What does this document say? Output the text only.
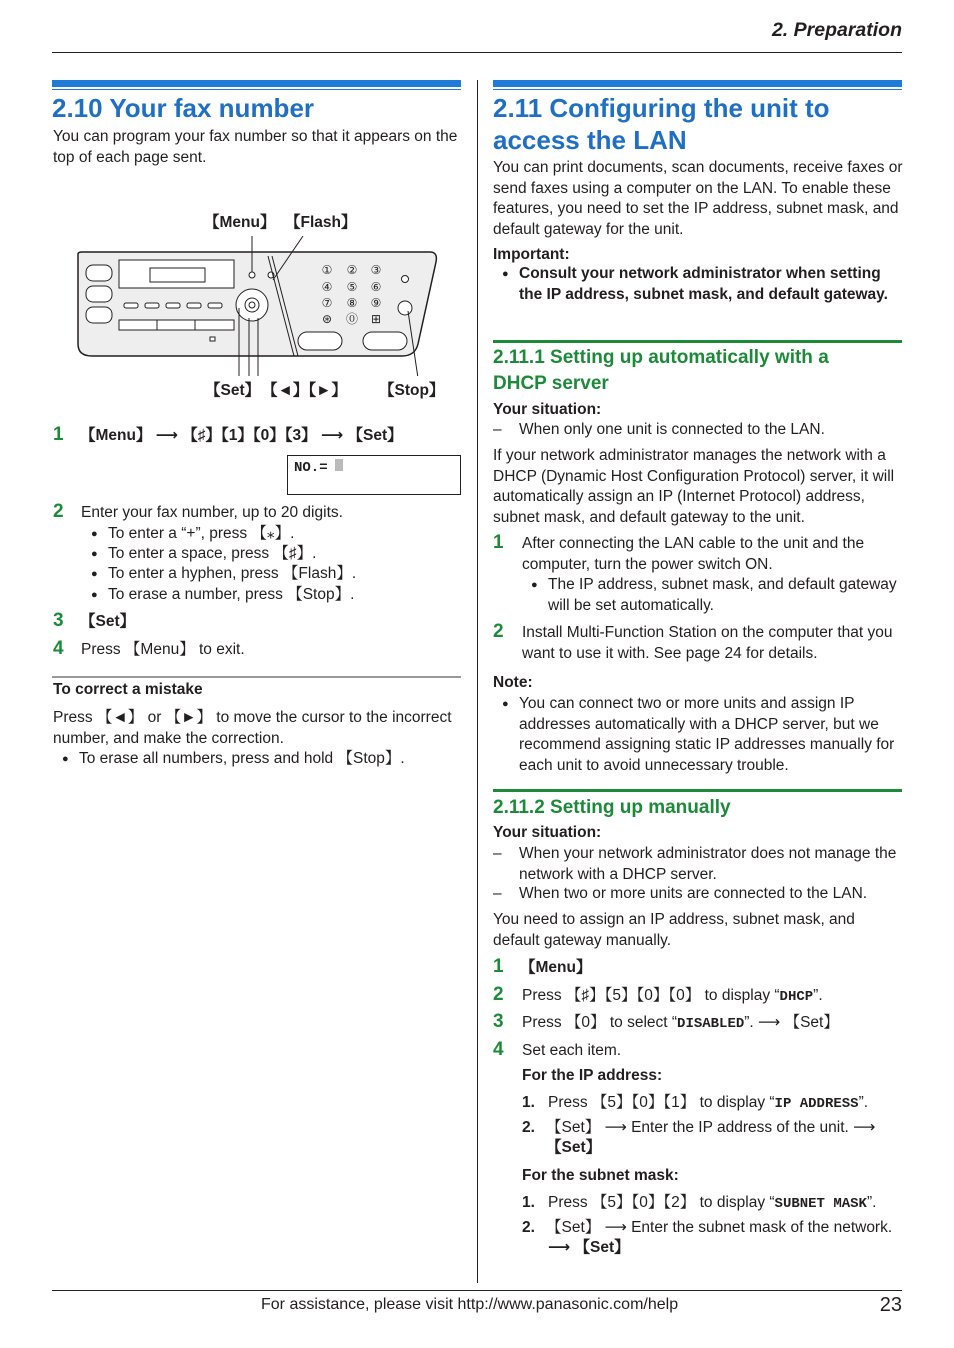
2. Preparation
2.10 Your fax number
You can program your fax number so that it appears on the top of each page sent.
【Menu】 【Flash】
【Set】 【◄】【►】 【Stop】
① ② ③
④ ⑤ ⑥
⑦ ⑧ ⑨
⊛ ⓪ ⊞
1 【Menu】 ⟶ 【♯】【1】【0】【3】 ⟶ 【Set】
NO.=
2 Enter your fax number, up to 20 digits.
● To enter a “+”, press 【⁎】.
● To enter a space, press 【♯】.
● To enter a hyphen, press 【Flash】.
● To erase a number, press 【Stop】.
3 【Set】
4 Press 【Menu】 to exit.
To correct a mistake
Press 【◄】 or 【►】 to move the cursor to the incorrect number, and make the correction.
● To erase all numbers, press and hold 【Stop】.
2.11 Configuring the unit to
access the LAN
You can print documents, scan documents, receive faxes or send faxes using a computer on the LAN. To enable these features, you need to set the IP address, subnet mask, and default gateway for the unit.
Important:
● Consult your network administrator when setting the IP address, subnet mask, and default gateway.
2.11.1 Setting up automatically with a
DHCP server
Your situation:
– When only one unit is connected to the LAN.
If your network administrator manages the network with a DHCP (Dynamic Host Configuration Protocol) server, it will automatically assign an IP (Internet Protocol) address, subnet mask, and default gateway to the unit.
1 After connecting the LAN cable to the unit and the computer, turn the power switch ON.
● The IP address, subnet mask, and default gateway will be set automatically.
2 Install Multi-Function Station on the computer that you want to use it with. See page 24 for details.
Note:
● You can connect two or more units and assign IP addresses automatically with a DHCP server, but we recommend assigning static IP addresses manually for each unit to avoid unnecessary trouble.
2.11.2 Setting up manually
Your situation:
– When your network administrator does not manage the network with a DHCP server.
– When two or more units are connected to the LAN.
You need to assign an IP address, subnet mask, and default gateway manually.
1 【Menu】
2 Press 【♯】【5】【0】【0】 to display “DHCP”.
3 Press 【0】 to select “DISABLED”. ⟶ 【Set】
4 Set each item.
For the IP address:
1. Press 【5】【0】【1】 to display “IP ADDRESS”.
2. 【Set】 ⟶ Enter the IP address of the unit. ⟶
【Set】
For the subnet mask:
1. Press 【5】【0】【2】 to display “SUBNET MASK”.
2. 【Set】 ⟶ Enter the subnet mask of the network.
⟶ 【Set】
For assistance, please visit http://www.panasonic.com/help	23
